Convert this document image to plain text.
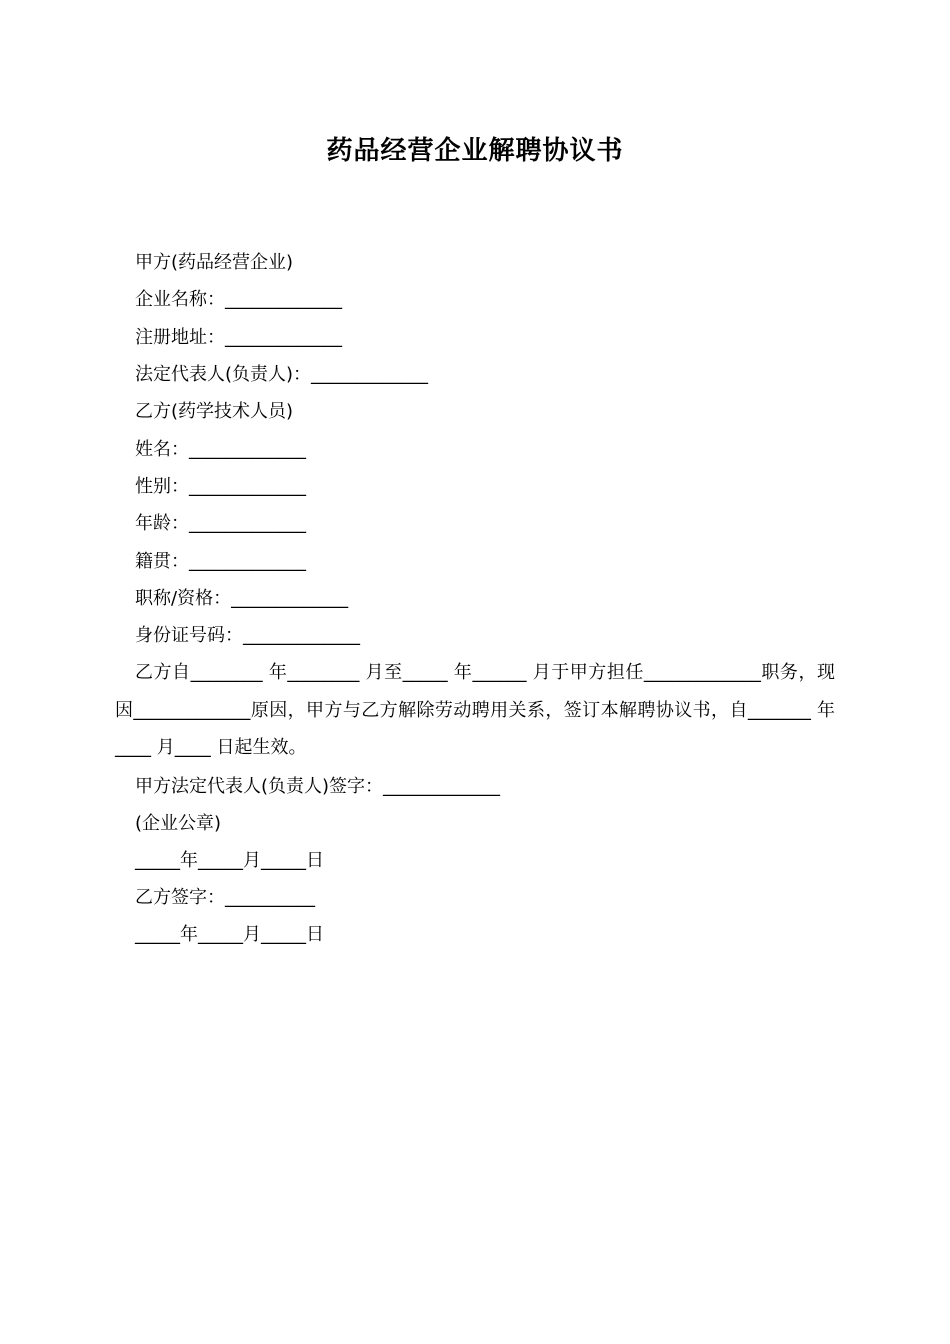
药品经营企业解聘协议书
甲方(药品经营企业)
企业名称：_____________
注册地址：_____________
法定代表人(负责人)：_____________
乙方(药学技术人员)
姓名：_____________
性别：_____________
年龄：_____________
籍贯：_____________
职称/资格：_____________
身份证号码：_____________

乙方自________ 年________ 月至_____ 年______ 月于甲方担任_____________职务，现因_____________原因，甲方与乙方解除劳动聘用关系，签订本解聘协议书，自_______ 年____ 月____ 日起生效。

甲方法定代表人(负责人)签字：_____________
(企业公章)
_____年_____月_____日
乙方签字：__________
_____年_____月_____日
